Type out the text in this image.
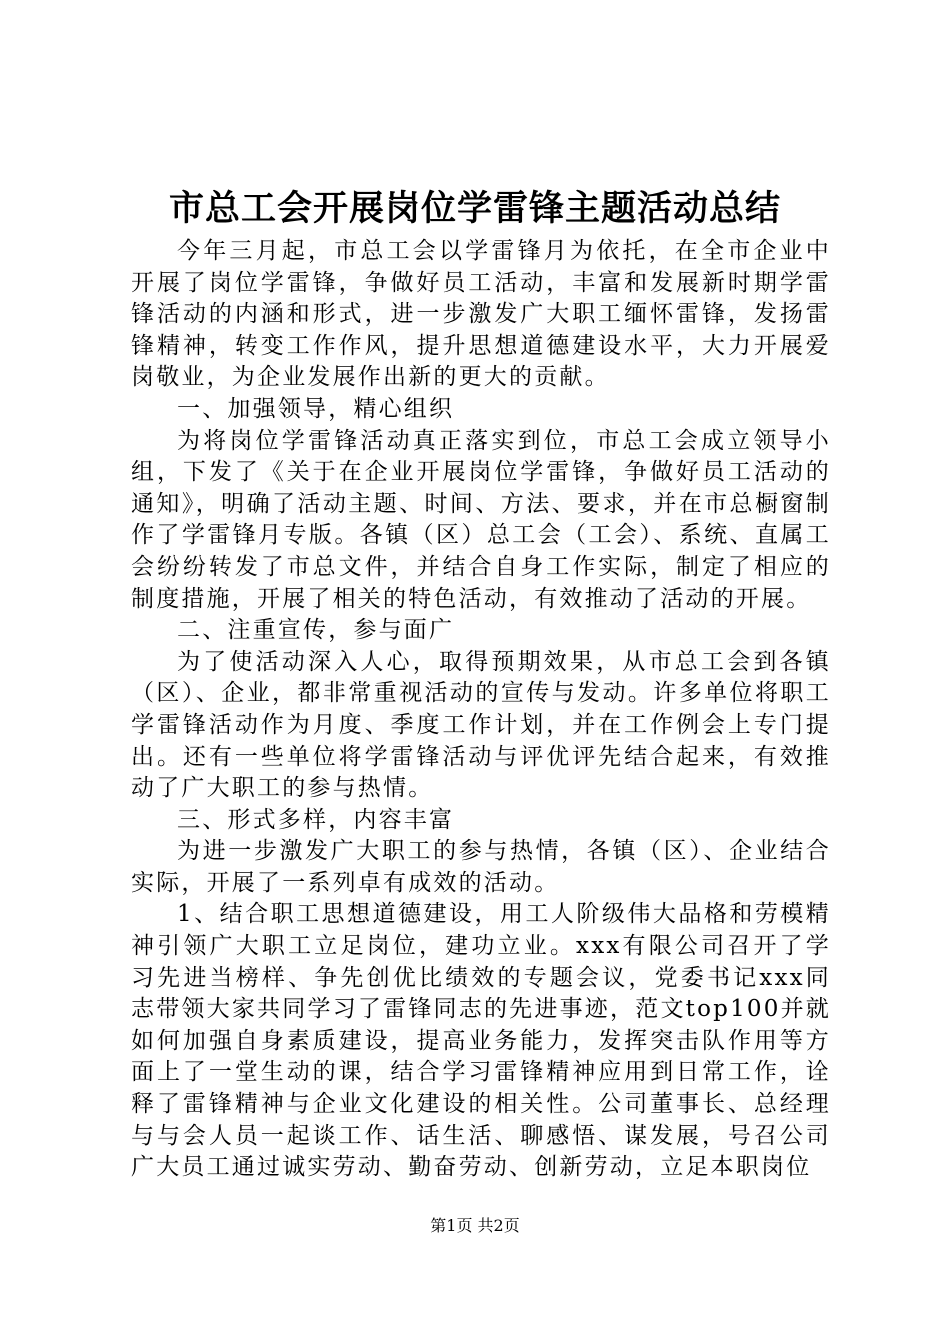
市总工会开展岗位学雷锋主题活动总结

今年三月起，市总工会以学雷锋月为依托，在全市企业中开展了岗位学雷锋，争做好员工活动，丰富和发展新时期学雷锋活动的内涵和形式，进一步激发广大职工缅怀雷锋，发扬雷锋精神，转变工作作风，提升思想道德建设水平，大力开展爱岗敬业，为企业发展作出新的更大的贡献。

一、加强领导，精心组织

为将岗位学雷锋活动真正落实到位，市总工会成立领导小组，下发了《关于在企业开展岗位学雷锋，争做好员工活动的通知》，明确了活动主题、时间、方法、要求，并在市总橱窗制作了学雷锋月专版。各镇（区）总工会（工会）、系统、直属工会纷纷转发了市总文件，并结合自身工作实际，制定了相应的制度措施，开展了相关的特色活动，有效推动了活动的开展。

二、注重宣传，参与面广

为了使活动深入人心，取得预期效果，从市总工会到各镇（区）、企业，都非常重视活动的宣传与发动。许多单位将职工学雷锋活动作为月度、季度工作计划，并在工作例会上专门提出。还有一些单位将学雷锋活动与评优评先结合起来，有效推动了广大职工的参与热情。

三、形式多样，内容丰富

为进一步激发广大职工的参与热情，各镇（区）、企业结合实际，开展了一系列卓有成效的活动。

1、结合职工思想道德建设，用工人阶级伟大品格和劳模精神引领广大职工立足岗位，建功立业。xxx有限公司召开了学习先进当榜样、争先创优比绩效的专题会议，党委书记xxx同志带领大家共同学习了雷锋同志的先进事迹，范文top100并就如何加强自身素质建设，提高业务能力，发挥突击队作用等方面上了一堂生动的课，结合学习雷锋精神应用到日常工作，诠释了雷锋精神与企业文化建设的相关性。公司董事长、总经理与与会人员一起谈工作、话生活、聊感悟、谋发展，号召公司广大员工通过诚实劳动、勤奋劳动、创新劳动，立足本职岗位

第1页 共2页
